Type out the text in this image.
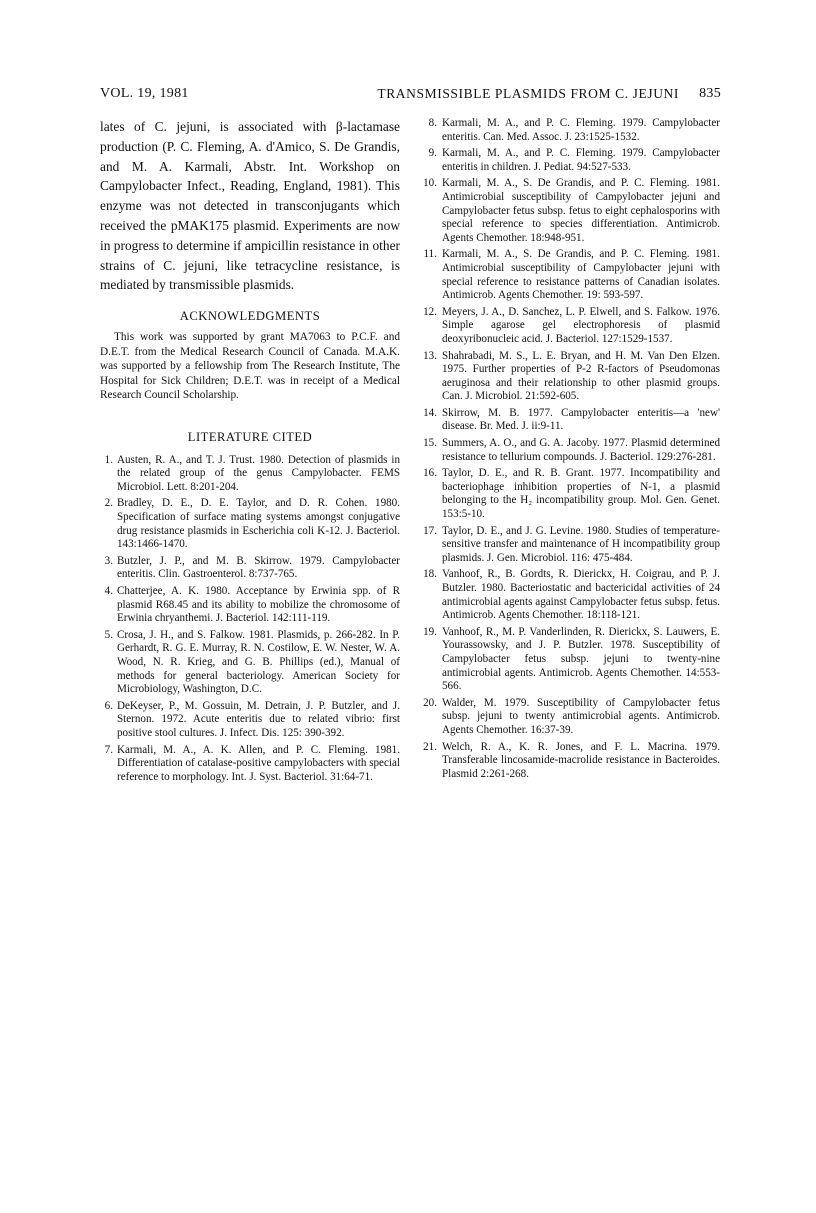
VOL. 19, 1981	TRANSMISSIBLE PLASMIDS FROM C. JEJUNI 835

lates of C. jejuni, is associated with β-lactamase production (P. C. Fleming, A. d'Amico, S. De Grandis, and M. A. Karmali, Abstr. Int. Workshop on Campylobacter Infect., Reading, England, 1981). This enzyme was not detected in transconjugants which received the pMAK175 plasmid. Experiments are now in progress to determine if ampicillin resistance in other strains of C. jejuni, like tetracycline resistance, is mediated by transmissible plasmids.

ACKNOWLEDGMENTS

This work was supported by grant MA7063 to P.C.F. and D.E.T. from the Medical Research Council of Canada. M.A.K. was supported by a fellowship from The Research Institute, The Hospital for Sick Children; D.E.T. was in receipt of a Medical Research Council Scholarship.

LITERATURE CITED
1. Austen, R. A., and T. J. Trust. 1980. Detection of plasmids in the related group of the genus Campylobacter. FEMS Microbiol. Lett. 8:201-204.
2. Bradley, D. E., D. E. Taylor, and D. R. Cohen. 1980. Specification of surface mating systems amongst conjugative drug resistance plasmids in Escherichia coli K-12. J. Bacteriol. 143:1466-1470.
3. Butzler, J. P., and M. B. Skirrow. 1979. Campylobacter enteritis. Clin. Gastroenterol. 8:737-765.
4. Chatterjee, A. K. 1980. Acceptance by Erwinia spp. of R plasmid R68.45 and its ability to mobilize the chromosome of Erwinia chryanthemi. J. Bacteriol. 142:111-119.
5. Crosa, J. H., and S. Falkow. 1981. Plasmids, p. 266-282. In P. Gerhardt, R. G. E. Murray, R. N. Costilow, E. W. Nester, W. A. Wood, N. R. Krieg, and G. B. Phillips (ed.), Manual of methods for general bacteriology. American Society for Microbiology, Washington, D.C.
6. DeKeyser, P., M. Gossuin, M. Detrain, J. P. Butzler, and J. Sternon. 1972. Acute enteritis due to related vibrio: first positive stool cultures. J. Infect. Dis. 125: 390-392.
7. Karmali, M. A., A. K. Allen, and P. C. Fleming. 1981. Differentiation of catalase-positive campylobacters with special reference to morphology. Int. J. Syst. Bacteriol. 31:64-71.
8. Karmali, M. A., and P. C. Fleming. 1979. Campylobacter enteritis. Can. Med. Assoc. J. 23:1525-1532.
9. Karmali, M. A., and P. C. Fleming. 1979. Campylobacter enteritis in children. J. Pediat. 94:527-533.
10. Karmali, M. A., S. De Grandis, and P. C. Fleming. 1981. Antimicrobial susceptibility of Campylobacter jejuni and Campylobacter fetus subsp. fetus to eight cephalosporins with special reference to species differentiation. Antimicrob. Agents Chemother. 18:948-951.
11. Karmali, M. A., S. De Grandis, and P. C. Fleming. 1981. Antimicrobial susceptibility of Campylobacter jejuni with special reference to resistance patterns of Canadian isolates. Antimicrob. Agents Chemother. 19: 593-597.
12. Meyers, J. A., D. Sanchez, L. P. Elwell, and S. Falkow. 1976. Simple agarose gel electrophoresis of plasmid deoxyribonucleic acid. J. Bacteriol. 127:1529-1537.
13. Shahrabadi, M. S., L. E. Bryan, and H. M. Van Den Elzen. 1975. Further properties of P-2 R-factors of Pseudomonas aeruginosa and their relationship to other plasmid groups. Can. J. Microbiol. 21:592-605.
14. Skirrow, M. B. 1977. Campylobacter enteritis—a 'new' disease. Br. Med. J. ii:9-11.
15. Summers, A. O., and G. A. Jacoby. 1977. Plasmid determined resistance to tellurium compounds. J. Bacteriol. 129:276-281.
16. Taylor, D. E., and R. B. Grant. 1977. Incompatibility and bacteriophage inhibition properties of N-1, a plasmid belonging to the H₂ incompatibility group. Mol. Gen. Genet. 153:5-10.
17. Taylor, D. E., and J. G. Levine. 1980. Studies of temperature-sensitive transfer and maintenance of H incompatibility group plasmids. J. Gen. Microbiol. 116: 475-484.
18. Vanhoof, R., B. Gordts, R. Dierickx, H. Coigrau, and P. J. Butzler. 1980. Bacteriostatic and bactericidal activities of 24 antimicrobial agents against Campylobacter fetus subsp. fetus. Antimicrob. Agents Chemother. 18:118-121.
19. Vanhoof, R., M. P. Vanderlinden, R. Dierickx, S. Lauwers, E. Yourassowsky, and J. P. Butzler. 1978. Susceptibility of Campylobacter fetus subsp. jejuni to twenty-nine antimicrobial agents. Antimicrob. Agents Chemother. 14:553-566.
20. Walder, M. 1979. Susceptibility of Campylobacter fetus subsp. jejuni to twenty antimicrobial agents. Antimicrob. Agents Chemother. 16:37-39.
21. Welch, R. A., K. R. Jones, and F. L. Macrina. 1979. Transferable lincosamide-macrolide resistance in Bacteroides. Plasmid 2:261-268.
